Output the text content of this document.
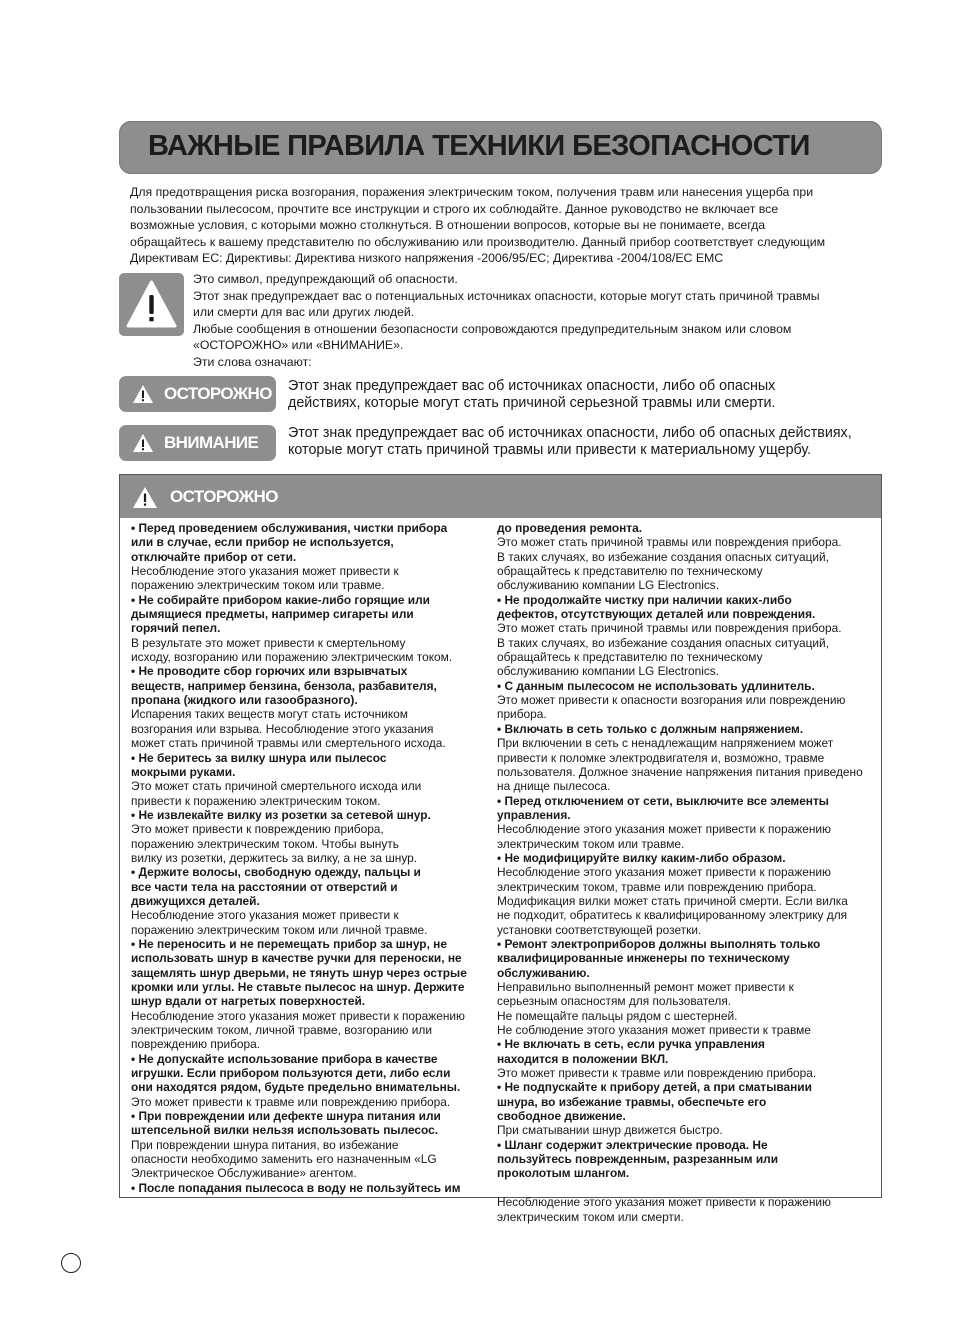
ВАЖНЫЕ ПРАВИЛА ТЕХНИКИ БЕЗОПАСНОСТИ
Для предотвращения риска возгорания, поражения электрическим током, получения травм или нанесения ущерба при
пользовании пылесосом, прочтите все инструкции и строго их соблюдайте. Данное руководство не включает все
возможные условия, с которыми можно столкнуться. В отношении вопросов, которые вы не понимаете, всегда
обращайтесь к вашему представителю по обслуживанию или производителю. Данный прибор соответствует следующим
Директивам ЕС: Директивы: Директива низкого напряжения -2006/95/EC; Директива -2004/108/EC EMC
Это символ, предупреждающий об опасности.
Этот знак предупреждает вас о потенциальных источниках опасности, которые могут стать причиной травмы
или смерти для вас или других людей.
Любые сообщения в отношении безопасности сопровождаются предупредительным знаком или словом
«ОСТОРОЖНО» или «ВНИМАНИЕ».
Эти слова означают:
ОСТОРОЖНО Этот знак предупреждает вас об источниках опасности, либо об опасных
действиях, которые могут стать причиной серьезной травмы или смерти.
ВНИМАНИЕ Этот знак предупреждает вас об источниках опасности, либо об опасных действиях,
которые могут стать причиной травмы или привести к материальному ущербу.
ОСТОРОЖНО

• Перед проведением обслуживания, чистки прибора
или в случае, если прибор не используется,
отключайте прибор от сети.

Несоблюдение этого указания может привести к
поражению электрическим током или травме.

• Не собирайте прибором какие-либо горящие или
дымящиеся предметы, например сигареты или
горячий пепел.

В результате это может привести к смертельному
исходу, возгоранию или поражению электрическим током.

• Не проводите сбор горючих или взрывчатых
веществ, например бензина, бензола, разбавителя,
пропана (жидкого или газообразного).

Испарения таких веществ могут стать источником
возгорания или взрыва. Несоблюдение этого указания
может стать причиной травмы или смертельного исхода.

• Не беритесь за вилку шнура или пылесос
мокрыми руками.

Это может стать причиной смертельного исхода или
привести к поражению электрическим током.

• Не извлекайте вилку из розетки за сетевой шнур.

Это может привести к повреждению прибора,
поражению электрическим током. Чтобы вынуть
вилку из розетки, держитесь за вилку, а не за шнур.

• Держите волосы, свободную одежду, пальцы и
все части тела на расстоянии от отверстий и
движущихся деталей.

Несоблюдение этого указания может привести к
поражению электрическим током или личной травме.

• Не переносить и не перемещать прибор за шнур, не
использовать шнур в качестве ручки для переноски, не
защемлять шнур дверьми, не тянуть шнур через острые
кромки или углы. Не ставьте пылесос на шнур. Держите
шнур вдали от нагретых поверхностей.

Несоблюдение этого указания может привести к поражению
электрическим током, личной травме, возгоранию или
повреждению прибора.

• Не допускайте использование прибора в качестве
игрушки. Если прибором пользуются дети, либо если
они находятся рядом, будьте предельно внимательны.

Это может привести к травме или повреждению прибора.

• При повреждении или дефекте шнура питания или
штепсельной вилки нельзя использовать пылесос.

При повреждении шнура питания, во избежание
опасности необходимо заменить его назначенным «LG
Электрическое Обслуживание» агентом.

• После попадания пылесоса в воду не пользуйтесь им

до проведения ремонта.

Это может стать причиной травмы или повреждения прибора.
В таких случаях, во избежание создания опасных ситуаций,
обращайтесь к представителю по техническому
обслуживанию компании LG Electronics.

• Не продолжайте чистку при наличии каких-либо
дефектов, отсутствующих деталей или повреждения.

Это может стать причиной травмы или повреждения прибора.
В таких случаях, во избежание создания опасных ситуаций,
обращайтесь к представителю по техническому
обслуживанию компании LG Electronics.

• С данным пылесосом не использовать удлинитель.

Это может привести к опасности возгорания или повреждению прибора.

• Включать в сеть только с должным напряжением.

При включении в сеть с ненадлежащим напряжением может
привести к поломке электродвигателя и, возможно, травме
пользователя. Должное значение напряжения питания приведено
на днище пылесоса.

• Перед отключением от сети, выключите все элементы
управления.

Несоблюдение этого указания может привести к поражению
электрическим током или травме.

• Не модифицируйте вилку каким-либо образом.

Несоблюдение этого указания может привести к поражению
электрическим током, травме или повреждению прибора.
Модификация вилки может стать причиной смерти. Если вилка
не подходит, обратитесь к квалифицированному электрику для
установки соответствующей розетки.

• Ремонт электроприборов должны выполнять только
квалифицированные инженеры по техническому обслуживанию.

Неправильно выполненный ремонт может привести к
серьезным опасностям для пользователя.
Не помещайте пальцы рядом с шестерней.
Не соблюдение этого указания может привести к травме

• Не включать в сеть, если ручка управления
находится в положении ВКЛ.

Это может привести к травме или повреждению прибора.

• Не подпускайте к прибору детей, а при сматывании
шнура, во избежание травмы, обеспечьте его
свободное движение.

При сматывании шнур движется быстро.

• Шланг содержит электрические провода. Не
пользуйтесь поврежденным, разрезанным или
проколотым шлангом.

Несоблюдение этого указания может привести к поражению
электрическим током или смерти.
